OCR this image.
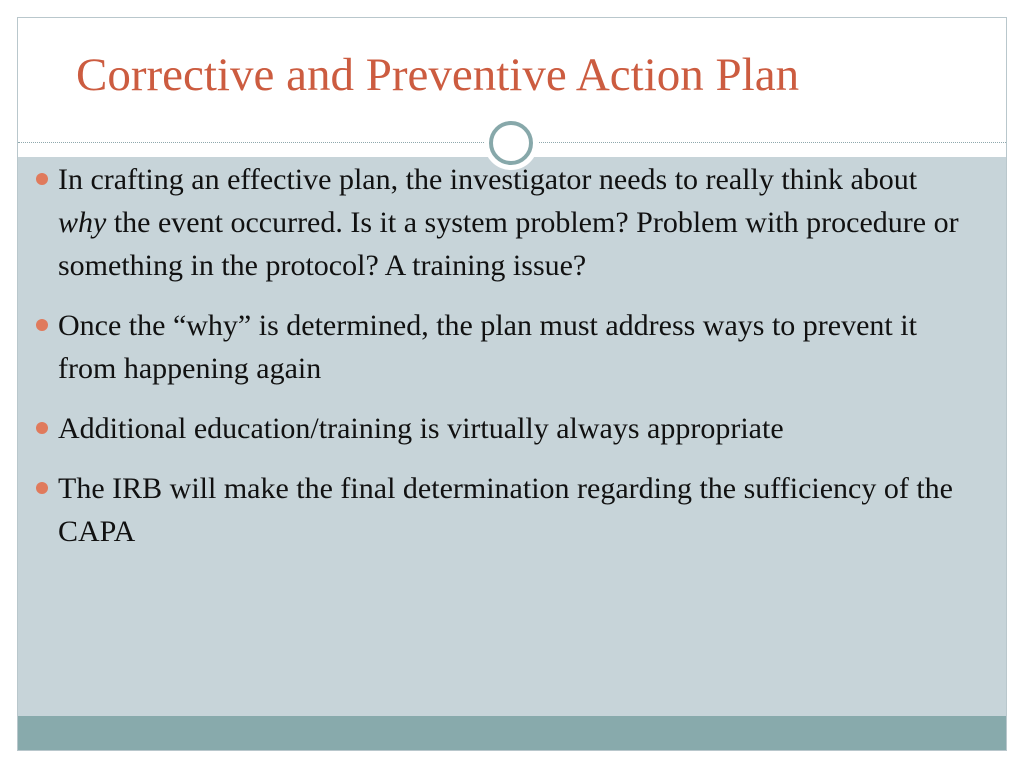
Corrective and Preventive Action Plan
In crafting an effective plan, the investigator needs to really think about why the event occurred. Is it a system problem? Problem with procedure or something in the protocol? A training issue?
Once the “why” is determined, the plan must address ways to prevent it from happening again
Additional education/training is virtually always appropriate
The IRB will make the final determination regarding the sufficiency of the CAPA
